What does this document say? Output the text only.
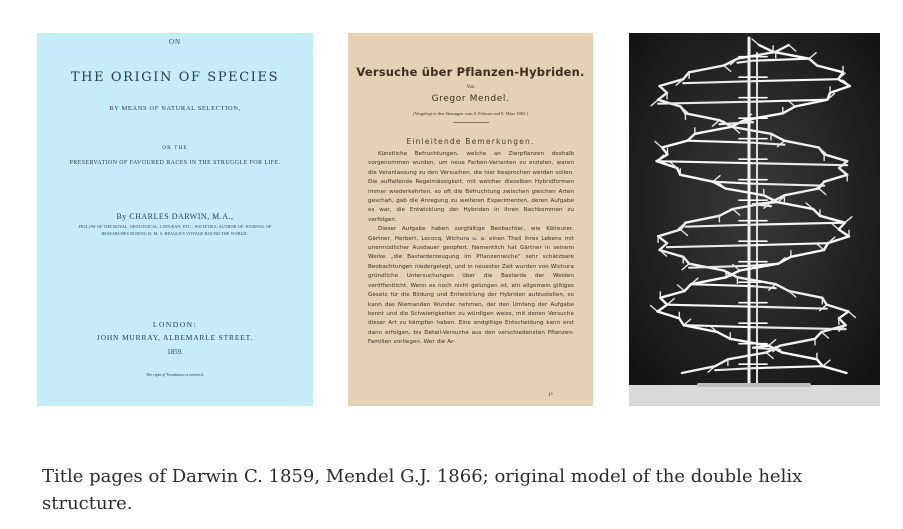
ON
THE ORIGIN OF SPECIES
BY MEANS OF NATURAL SELECTION,
OR THE
PRESERVATION OF FAVOURED RACES IN THE STRUGGLE FOR LIFE.
By CHARLES DARWIN, M.A.,
FELLOW OF THE ROYAL, GEOLOGICAL, LINNÆAN, ETC., SOCIETIES; AUTHOR OF 'JOURNAL OF RESEARCHES DURING H. M. S. BEAGLE'S VOYAGE ROUND THE WORLD.'
LONDON:
JOHN MURRAY, ALBEMARLE STREET.
1859.
The right of Translation is reserved.
Versuche über Pflanzen-Hybriden.
Von
Gregor Mendel.
(Vorgelegt in den Sitzungen vom 8. Februar und 8. März 1865.)
Einleitende Bemerkungen.

Künstliche Befruchtungen, welche an Zierpflanzen deshalb vorgenommen wurden, um neue Farben-Varianten zu erzielen, waren die Veranlassung zu den Versuchen, die hier besprochen werden sollen. Die auffallende Regelmässigkeit, mit welcher dieselben Hybridformen immer wiederkehrten, so oft die Befruchtung zwischen gleichen Arten geschah, gab die Anregung zu weiteren Experimenten, deren Aufgabe es war, die Entwicklung der Hybriden in ihren Nachkommen zu verfolgen.

Dieser Aufgabe haben sorgfältige Beobachter, wie Kölreuter, Gärtner, Herbert, Lecocq, Wichura u. a. einen Theil ihres Lebens mit unermüdlicher Ausdauer geopfert. Namentlich hat Gärtner in seinem Werke „die Bastarderzeugung im Pflanzenreiche" sehr schätzbare Beobachtungen niedergelegt, und in neuester Zeit wurden von Wichura gründliche Untersuchungen über die Bastarde der Weiden veröffentlicht. Wenn es noch nicht gelungen ist, ein allgemein giltiges Gesetz für die Bildung und Entwicklung der Hybriden aufzustellen, so kann das Niemanden Wunder nehmen, der den Umfang der Aufgabe kennt und die Schwierigkeiten zu würdigen weiss, mit denen Versuche dieser Art zu kämpfen haben. Eine endgiltige Entscheidung kann erst dann erfolgen, bis Detail-Versuche aus den verschiedensten Pflanzen-Familien vorliegen. Wer die Ar-

1*
Title pages of Darwin C. 1859, Mendel G.J. 1866; original model of the double helix structure.
